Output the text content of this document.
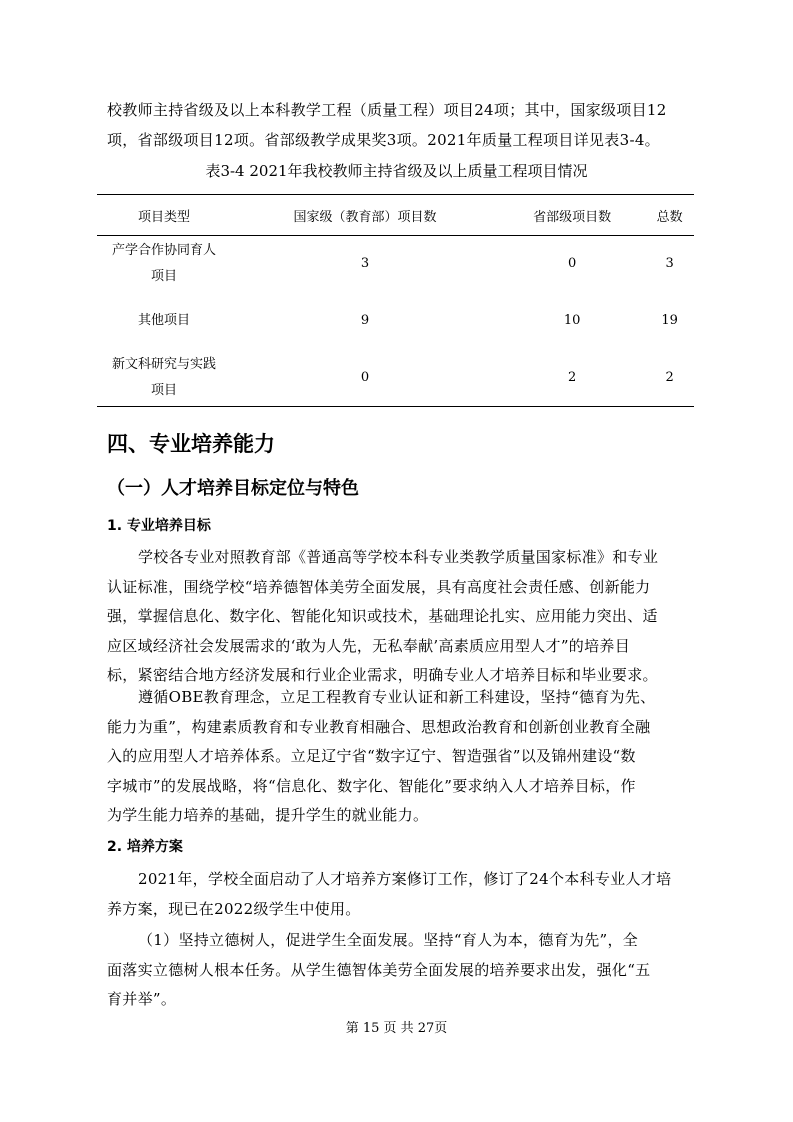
校教师主持省级及以上本科教学工程（质量工程）项目24项；其中，国家级项目12
项，省部级项目12项。省部级教学成果奖3项。2021年质量工程项目详见表3-4。

表3-4 2021年我校教师主持省级及以上质量工程项目情况
项目类型	国家级（教育部）项目数	省部级项目数	总数

产学合作协同育人
项目	3	0	3

其他项目	9	10	19

新文科研究与实践
项目	0	2	2
四、专业培养能力
（一）人才培养目标定位与特色
1. 专业培养目标

学校各专业对照教育部《普通高等学校本科专业类教学质量国家标准》和专业
认证标准，围绕学校“培养德智体美劳全面发展，具有高度社会责任感、创新能力
强，掌握信息化、数字化、智能化知识或技术，基础理论扎实、应用能力突出、适
应区域经济社会发展需求的‘敢为人先，无私奉献’高素质应用型人才”的培养目
标，紧密结合地方经济发展和行业企业需求，明确专业人才培养目标和毕业要求。

遵循OBE教育理念，立足工程教育专业认证和新工科建设，坚持“德育为先、
能力为重”，构建素质教育和专业教育相融合、思想政治教育和创新创业教育全融
入的应用型人才培养体系。立足辽宁省“数字辽宁、智造强省”以及锦州建设“数
字城市”的发展战略，将“信息化、数字化、智能化”要求纳入人才培养目标，作
为学生能力培养的基础，提升学生的就业能力。

2. 培养方案

2021年，学校全面启动了人才培养方案修订工作，修订了24个本科专业人才培
养方案，现已在2022级学生中使用。

（1）坚持立德树人，促进学生全面发展。坚持“育人为本，德育为先”，全
面落实立德树人根本任务。从学生德智体美劳全面发展的培养要求出发，强化“五
育并举”。

第 15 页 共 27页
